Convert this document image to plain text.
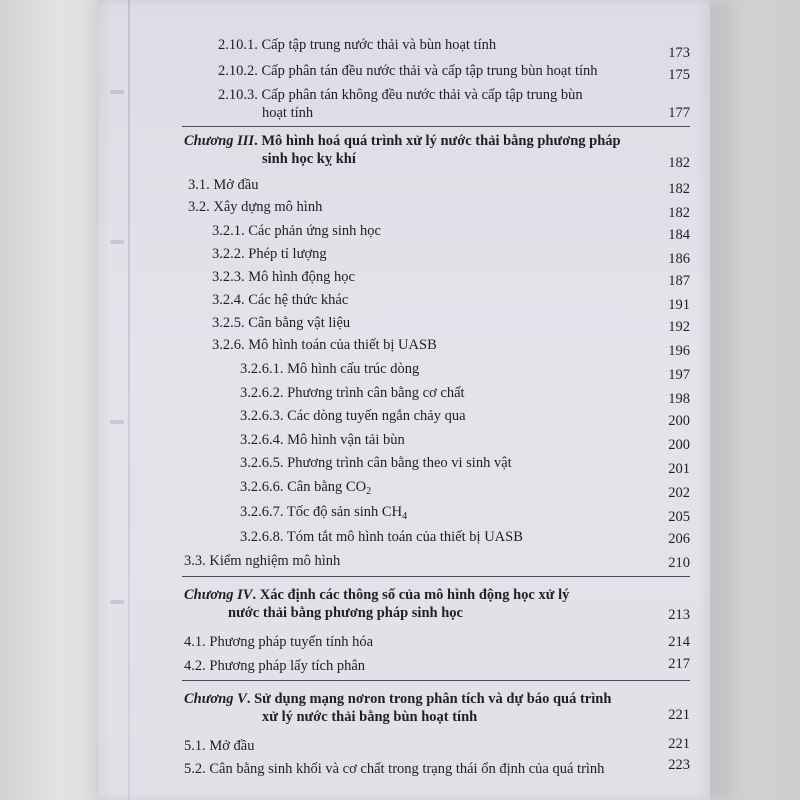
2.10.1. Cấp tập trung nước thải và bùn hoạt tính	173
2.10.2. Cấp phân tán đều nước thải và cấp tập trung bùn hoạt tính	175
2.10.3. Cấp phân tán không đều nước thải và cấp tập trung bùn
hoạt tính	177
Chương III. Mô hình hoá quá trình xử lý nước thải bằng phương pháp
sinh học kỵ khí	182
3.1. Mở đầu	182
3.2. Xây dựng mô hình	182
3.2.1. Các phản ứng sinh học	184
3.2.2. Phép tỉ lượng	186
3.2.3. Mô hình động học	187
3.2.4. Các hệ thức khác	191
3.2.5. Cân bằng vật liệu	192
3.2.6. Mô hình toán của thiết bị UASB	196
3.2.6.1. Mô hình cấu trúc dòng	197
3.2.6.2. Phương trình cân bằng cơ chất	198
3.2.6.3. Các dòng tuyến ngắn chảy qua	200
3.2.6.4. Mô hình vận tải bùn	200
3.2.6.5. Phương trình cân bằng theo vi sinh vật	201
3.2.6.6. Cân bằng $CO_2$	202
3.2.6.7. Tốc độ sản $\sinh CH_4$	205
3.2.6.8. Tóm tắt mô hình toán của thiết bị UASB	206
3.3. Kiểm nghiệm mô hình	210
Chương IV. Xác định các thông số của mô hình động học xử lý
nước thải bằng phương pháp sinh học	213
4.1. Phương pháp tuyến tính hóa	214
4.2. Phương pháp lấy tích phân	217
Chương V. Sử dụng mạng nơron trong phân tích và dự báo quá trình
xử lý nước thải bằng bùn hoạt tính	221
5.1. Mở đầu	221
5.2. Cân bằng sinh khối và cơ chất trong trạng thái ổn định của quá trình	223
